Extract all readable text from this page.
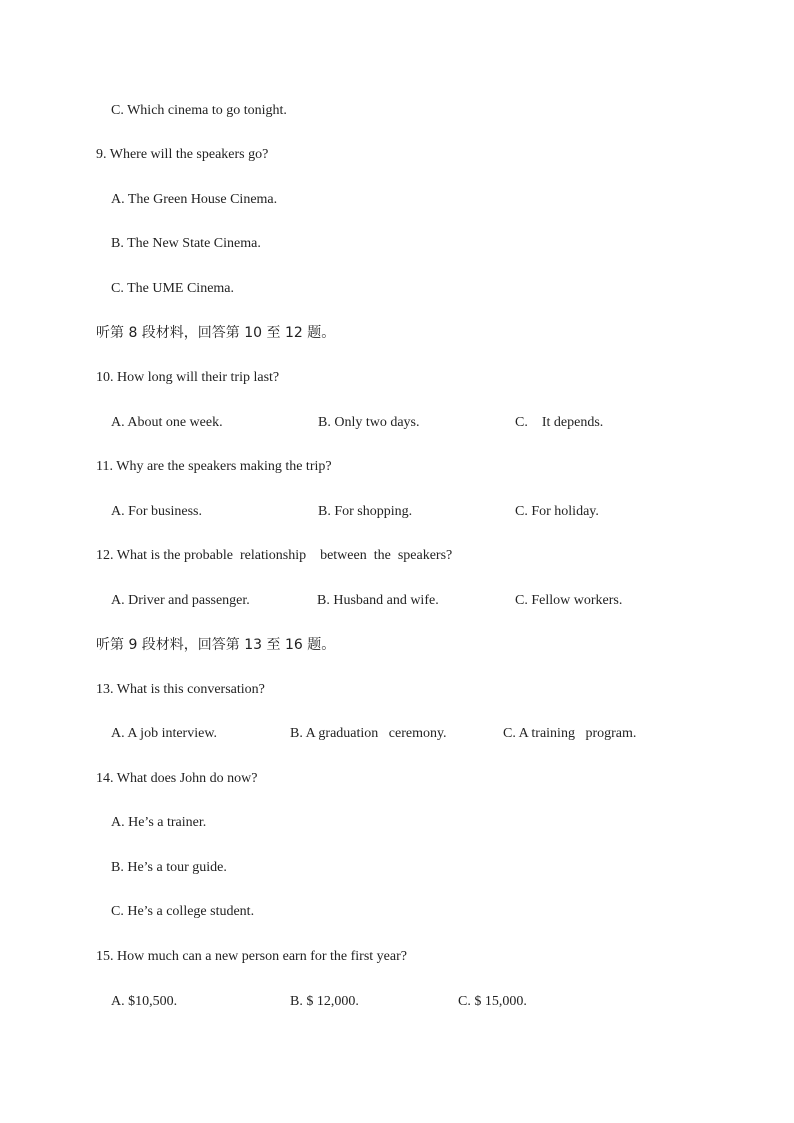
C. Which cinema to go tonight.
9. Where will the speakers go?
A. The Green House Cinema.
B. The New State Cinema.
C. The UME Cinema.
听第 8 段材料，回答第 10 至 12 题。
10. How long will their trip last?
A. About one week.	B. Only two days.	C.    It depends.
11. Why are the speakers making the trip?
A. For business.	B. For shopping.	C. For holiday.
12. What is the probable  relationship    between  the  speakers?
A. Driver and passenger.	B. Husband and wife.	C. Fellow workers.
听第 9 段材料，回答第 13 至 16 题。
13. What is this conversation?
A. A job interview.	B. A graduation   ceremony.	C. A training   program.
14. What does John do now?
A. He’s a trainer.
B. He’s a tour guide.
C. He’s a college student.
15. How much can a new person earn for the first year?
A. $10,500.	B. $ 12,000.	C. $ 15,000.
